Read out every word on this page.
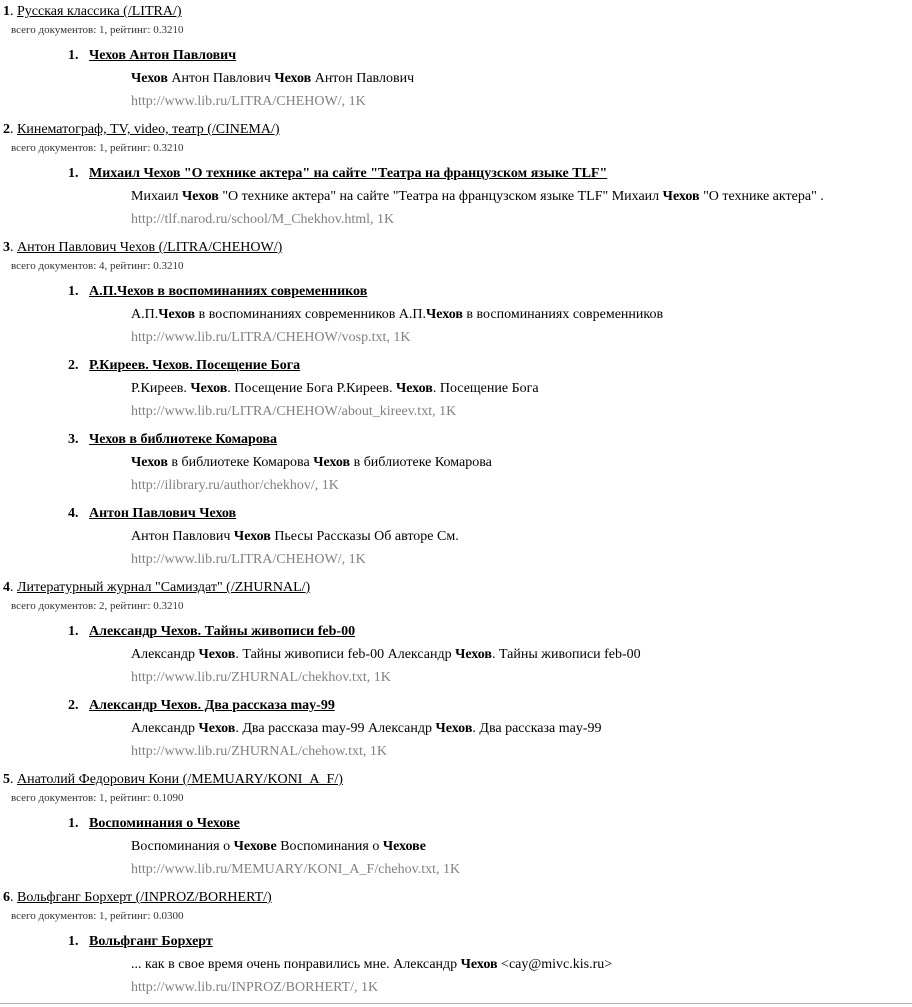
1. Русская классика (/LITRA/)
всего документов: 1, рейтинг: 0.3210
1. Чехов Антон Павлович
Чехов Антон Павлович Чехов Антон Павлович
http://www.lib.ru/LITRA/CHEHOW/, 1K
2. Кинематограф, TV, video, театр (/CINEMA/)
всего документов: 1, рейтинг: 0.3210
1. Михаил Чехов "О технике актера" на сайте "Театра на французском языке TLF"
Михаил Чехов "О технике актера" на сайте "Театра на французском языке TLF" Михаил Чехов "О технике актера" .
http://tlf.narod.ru/school/M_Chekhov.html, 1K
3. Антон Павлович Чехов (/LITRA/CHEHOW/)
всего документов: 4, рейтинг: 0.3210
1. А.П.Чехов в воспоминаниях современников
А.П.Чехов в воспоминаниях современников А.П.Чехов в воспоминаниях современников
http://www.lib.ru/LITRA/CHEHOW/vosp.txt, 1K
2. Р.Киреев. Чехов. Посещение Бога
Р.Киреев. Чехов. Посещение Бога Р.Киреев. Чехов. Посещение Бога
http://www.lib.ru/LITRA/CHEHOW/about_kireev.txt, 1K
3. Чехов в библиотеке Комарова
Чехов в библиотеке Комарова Чехов в библиотеке Комарова
http://ilibrary.ru/author/chekhov/, 1K
4. Антон Павлович Чехов
Антон Павлович Чехов Пьесы Рассказы Об авторе См.
http://www.lib.ru/LITRA/CHEHOW/, 1K
4. Литературный журнал "Самиздат" (/ZHURNAL/)
всего документов: 2, рейтинг: 0.3210
1. Александр Чехов. Тайны живописи feb-00
Александр Чехов. Тайны живописи feb-00 Александр Чехов. Тайны живописи feb-00
http://www.lib.ru/ZHURNAL/chekhov.txt, 1K
2. Александр Чехов. Два рассказа may-99
Александр Чехов. Два рассказа may-99 Александр Чехов. Два рассказа may-99
http://www.lib.ru/ZHURNAL/chehow.txt, 1K
5. Анатолий Федорович Кони (/MEMUARY/KONI_A_F/)
всего документов: 1, рейтинг: 0.1090
1. Воспоминания о Чехове
Воспоминания о Чехове Воспоминания о Чехове
http://www.lib.ru/MEMUARY/KONI_A_F/chehov.txt, 1K
6. Вольфганг Борхерт (/INPROZ/BORHERT/)
всего документов: 1, рейтинг: 0.0300
1. Вольфганг Борхерт
... как в свое время очень понравились мне. Александр Чехов <cay@mivc.kis.ru>
http://www.lib.ru/INPROZ/BORHERT/, 1K
